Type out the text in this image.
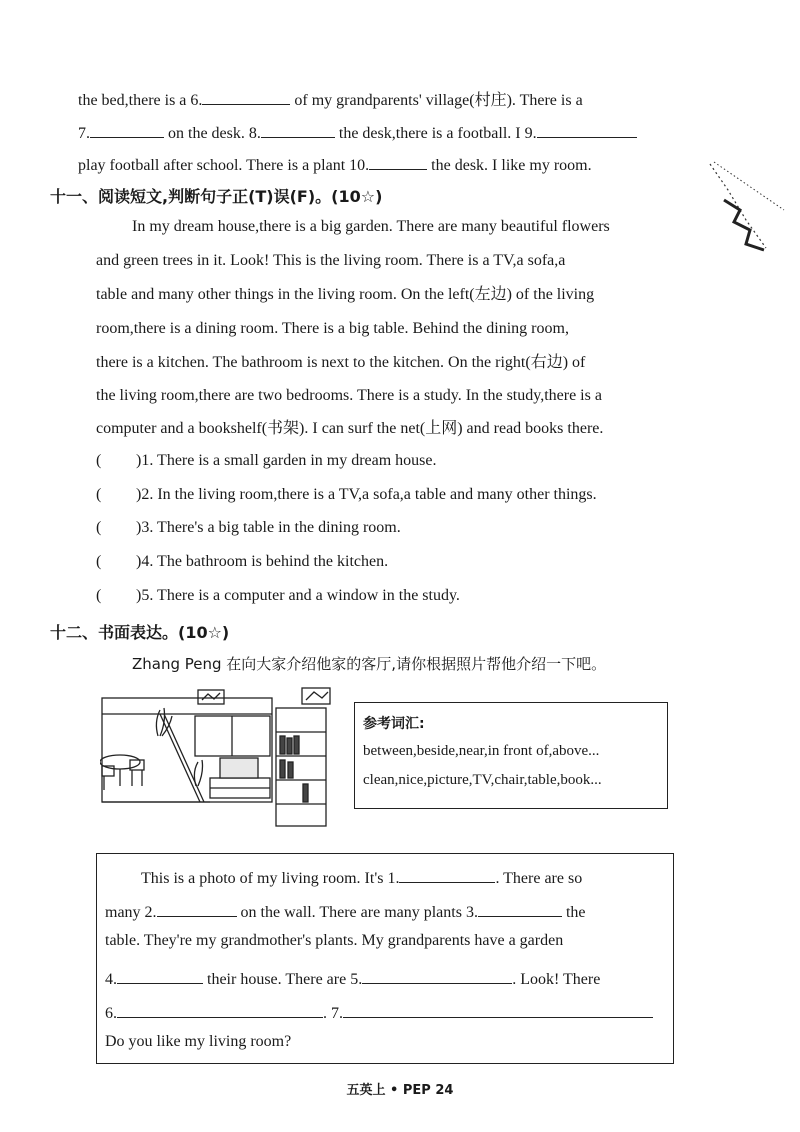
the bed,there is a 6.	of my grandparents' village(村庄). There is a
7.	on the desk. 8.	the desk,there is a football. I 9.
play football after school. There is a plant 10.	the desk. I like my room.
十一、阅读短文,判断句子正(T)误(F)。(10☆)
In my dream house,there is a big garden. There are many beautiful flowers
and green trees in it. Look! This is the living room. There is a TV,a sofa,a
table and many other things in the living room. On the left(左边) of the living
room,there is a dining room. There is a big table. Behind the dining room,
there is a kitchen. The bathroom is next to the kitchen. On the right(右边) of
the living room,there are two bedrooms. There is a study. In the study,there is a
computer and a bookshelf(书架). I can surf the net(上网) and read books there.
( )1. There is a small garden in my dream house.
( )2. In the living room,there is a TV,a sofa,a table and many other things.
( )3. There's a big table in the dining room.
( )4. The bathroom is behind the kitchen.
( )5. There is a computer and a window in the study.
十二、书面表达。(10☆)
Zhang Peng 在向大家介绍他家的客厅,请你根据照片帮他介绍一下吧。
参考词汇:
between,beside,near,in front of,above...
clean,nice,picture,TV,chair,table,book...
This is a photo of my living room. It's 1.	. There are so
many 2.	on the wall. There are many plants 3.	the
table. They're my grandmother's plants. My grandparents have a garden
4.	their house. There are 5.	. Look! There
6.	. 7.
Do you like my living room?
五英上 • PEP 24
